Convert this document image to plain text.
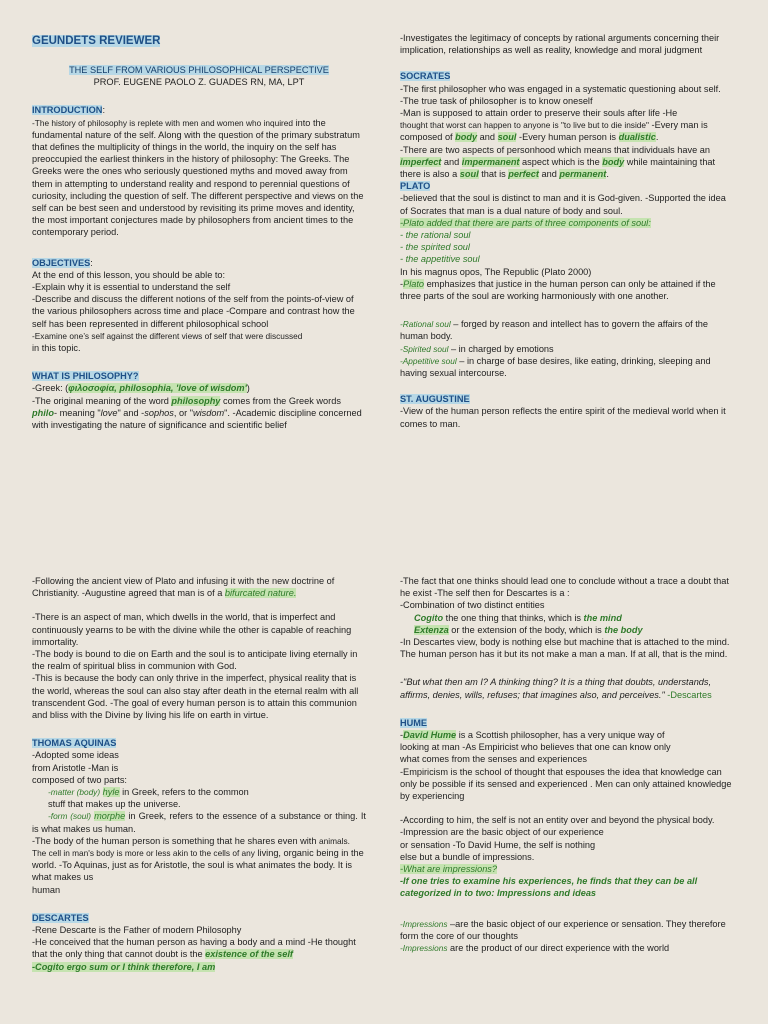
GEUNDETS REVIEWER

THE SELF FROM VARIOUS PHILOSOPHICAL PERSPECTIVE

PROF. EUGENE PAOLO Z. GUADES RN, MA, LPT

INTRODUCTION:

-The history of philosophy is replete with men and women who inquired into the fundamental nature of the self. Along with the question of the primary substratum that defines the multiplicity of things in the world, the inquiry on the self has preoccupied the earliest thinkers in the history of philosophy: The Greeks. The Greeks were the ones who seriously questioned myths and moved away from them in attempting to understand reality and respond to perennial questions of curiosity, including the question of self. The different perspective and views on the self can be best seen and understood by revisiting its prime moves and identity, the most important conjectures made by philosophers from ancient times to the contemporary period.

OBJECTIVES:

At the end of this lesson, you should be able to:

-Explain why it is essential to understand the self

-Describe and discuss the different notions of the self from the points-of-view of the various philosophers across time and place -Compare and contrast how the self has been represented in different philosophical school

-Examine one’s self against the different views of self that were discussed

in this topic.

WHAT IS PHILOSOPHY?

-Greek: (φιλοσοφία, philosophia, 'love of wisdom')

-The original meaning of the word philosophy comes from the Greek words philo- meaning "love" and -sophos, or "wisdom". -Academic discipline concerned with investigating the nature of significance and scientific belief

-Investigates the legitimacy of concepts by rational arguments concerning their implication, relationships as well as reality, knowledge and moral judgment

SOCRATES

-The first philosopher who was engaged in a systematic questioning about self.

-The true task of philosopher is to know oneself

-Man is supposed to attain order to preserve their souls after life -He

thought that worst can happen to anyone is "to live but to die inside" -Every man is composed of body and soul -Every human person is dualistic.

-There are two aspects of personhood which means that individuals have an imperfect and impermanent aspect which is the body while maintaining that there is also a soul that is perfect and permanent.

PLATO

-believed that the soul is distinct to man and it is God-given. -Supported the idea of Socrates that man is a dual nature of body and soul.

-Plato added that there are parts of three components of soul:

- the rational soul

- the spirited soul

- the appetitive soul

In his magnus opos, The Republic (Plato 2000)

-Plato emphasizes that justice in the human person can only be attained if the three parts of the soul are working harmoniously with one another.

-Rational soul – forged by reason and intellect has to govern the affairs of the human body.

-Spirited soul – in charged by emotions

-Appetitive soul – in charge of base desires, like eating, drinking, sleeping and having sexual intercourse.

ST. AUGUSTINE

-View of the human person reflects the entire spirit of the medieval world when it comes to man.

-Following the ancient view of Plato and infusing it with the new doctrine of Christianity. -Augustine agreed that man is of a bifurcated nature.

-There is an aspect of man, which dwells in the world, that is imperfect and continuously yearns to be with the divine while the other is capable of reaching immortality.

-The body is bound to die on Earth and the soul is to anticipate living eternally in the realm of spiritual bliss in communion with God.

-This is because the body can only thrive in the imperfect, physical reality that is the world, whereas the soul can also stay after death in the eternal realm with all transcendent God. -The goal of every human person is to attain this communion and bliss with the Divine by living his life on earth in virtue.

THOMAS AQUINAS

-Adopted some ideas

from Aristotle -Man is

composed of two parts:

-matter (body) hyle in Greek, refers to the common

stuff that makes up the universe.

-form (soul) morphe in Greek, refers to the essence of a substance or thing. It is what makes us human.

-The body of the human person is something that he shares even with animals. The cell in man's body is more or less akin to the cells of any living, organic being in the world. -To Aquinas, just as for Aristotle, the soul is what animates the body. It is what makes us

human

DESCARTES

-Rene Descarte is the Father of modern Philosophy

-He conceived that the human person as having a body and a mind -He thought that the only thing that cannot doubt is the existence of the self

-Cogito ergo sum or I think therefore, I am

-The fact that one thinks should lead one to conclude without a trace a doubt that he exist -The self then for Descartes is a :

-Combination of two distinct entities

Cogito the one thing that thinks, which is the mind

Extenza or the extension of the body, which is the body

-In Descartes view, body is nothing else but machine that is attached to the mind. The human person has it but its not make a man a man. If at all, that is the mind.

-"But what then am I? A thinking thing? It is a thing that doubts, understands, affirms, denies, wills, refuses; that imagines also, and perceives." -Descartes

HUME

-David Hume is a Scottish philosopher, has a very unique way of

looking at man -As Empiricist who believes that one can know only

what comes from the senses and experiences

-Empiricism is the school of thought that espouses the idea that knowledge can only be possible if its sensed and experienced . Men can only attained knowledge by experiencing

-According to him, the self is not an entity over and beyond the physical body.

-Impression are the basic object of our experience

or sensation -To David Hume, the self is nothing

else but a bundle of impressions.

-What are impressions?

-If one tries to examine his experiences, he finds that they can be all categorized in to two: Impressions and ideas

-Impressions –are the basic object of our experience or sensation. They therefore form the core of our thoughts

-Impressions are the product of our direct experience with the world
